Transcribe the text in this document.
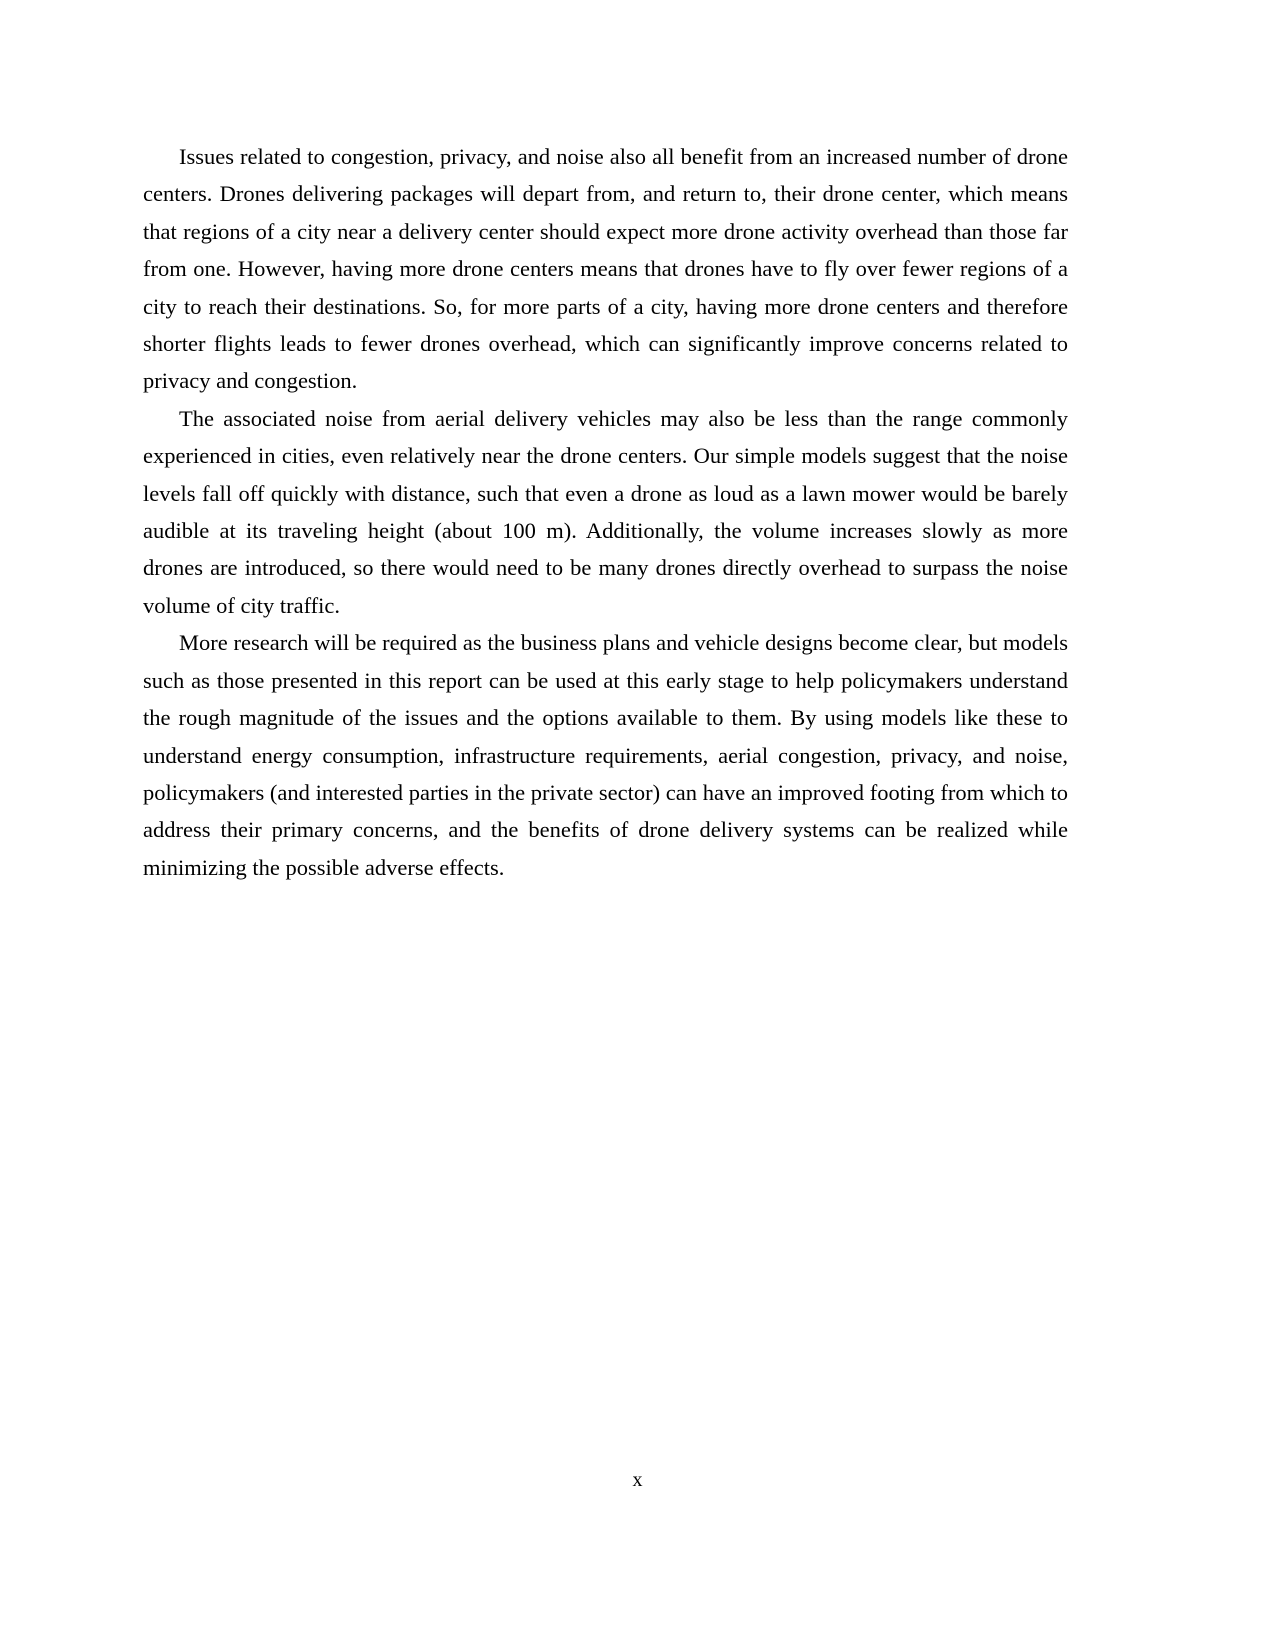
Issues related to congestion, privacy, and noise also all benefit from an increased number of drone centers. Drones delivering packages will depart from, and return to, their drone center, which means that regions of a city near a delivery center should expect more drone activity overhead than those far from one. However, having more drone centers means that drones have to fly over fewer regions of a city to reach their destinations. So, for more parts of a city, having more drone centers and therefore shorter flights leads to fewer drones overhead, which can significantly improve concerns related to privacy and congestion.

The associated noise from aerial delivery vehicles may also be less than the range commonly experienced in cities, even relatively near the drone centers. Our simple models suggest that the noise levels fall off quickly with distance, such that even a drone as loud as a lawn mower would be barely audible at its traveling height (about 100 m). Additionally, the volume increases slowly as more drones are introduced, so there would need to be many drones directly overhead to surpass the noise volume of city traffic.

More research will be required as the business plans and vehicle designs become clear, but models such as those presented in this report can be used at this early stage to help policymakers understand the rough magnitude of the issues and the options available to them. By using models like these to understand energy consumption, infrastructure requirements, aerial congestion, privacy, and noise, policymakers (and interested parties in the private sector) can have an improved footing from which to address their primary concerns, and the benefits of drone delivery systems can be realized while minimizing the possible adverse effects.

x
